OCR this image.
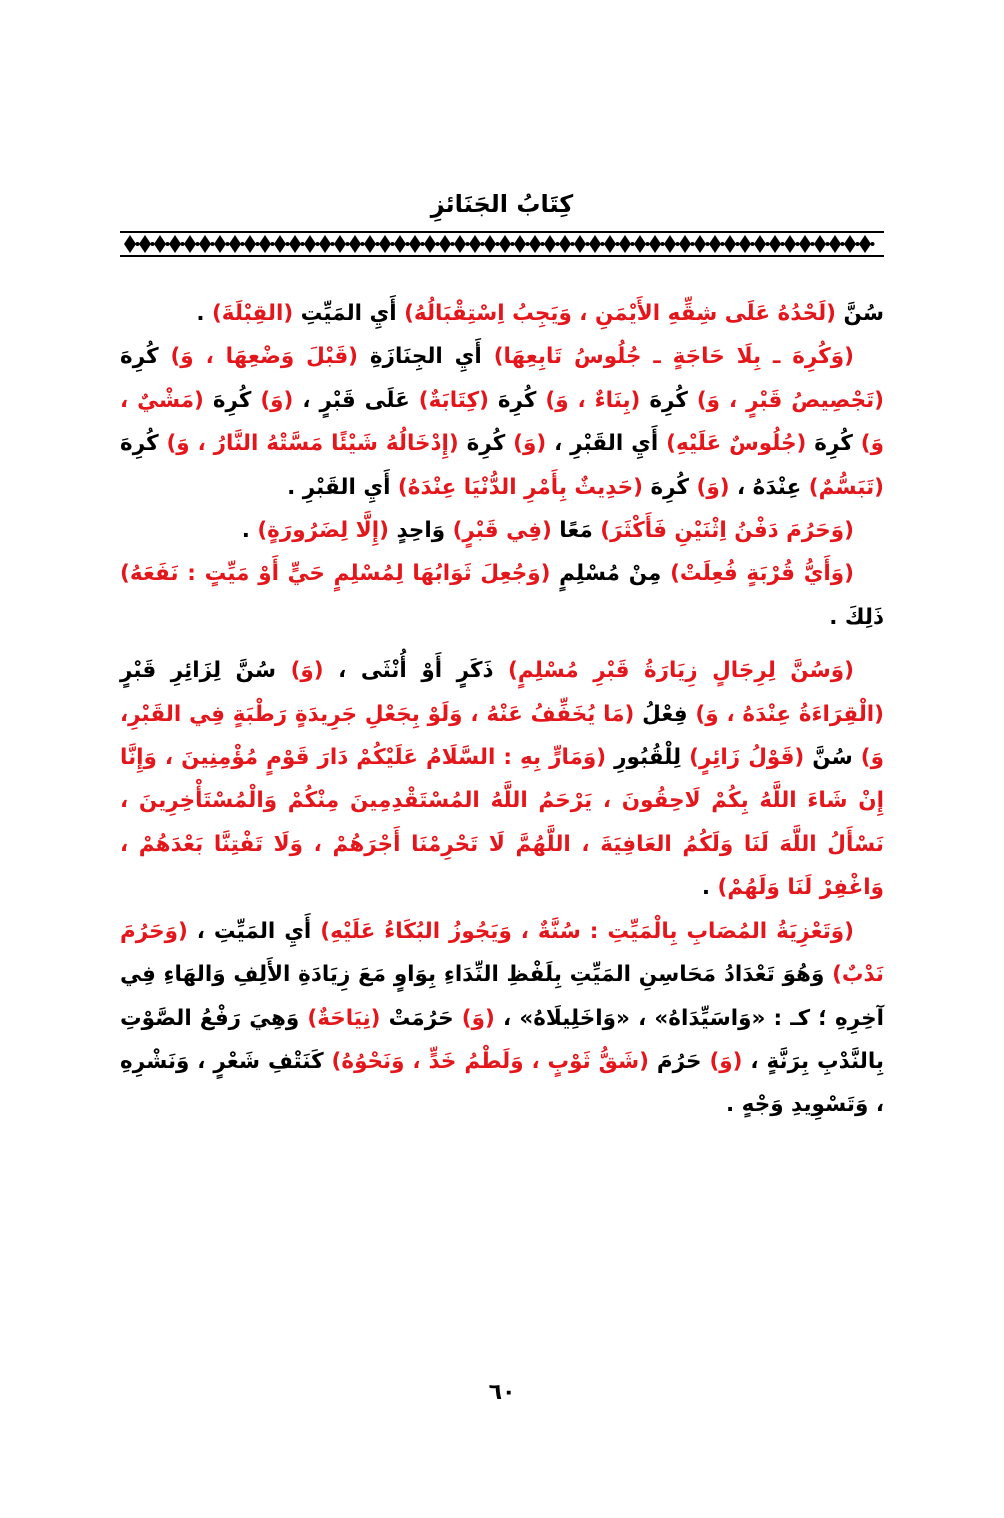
كِتَابُ الجَنَائزِ

سُنَّ (لَحْدُهُ عَلَى شِقِّهِ الأَيْمَنِ ، وَيَجِبُ اِسْتِقْبَالُهُ) أَيِ المَيِّتِ (القِبْلَةَ) .

(وَكُرِهَ ـ بِلَا حَاجَةٍ ـ جُلُوسُ تَابِعِهَا) أَيِ الجِنَازَةِ (قَبْلَ وَضْعِهَا ، وَ) كُرِهَ (تَجْصِيصُ قَبْرٍ ، وَ) كُرِهَ (بِنَاءٌ ، وَ) كُرِهَ (كِتَابَةٌ) عَلَى قَبْرٍ ، (وَ) كُرِهَ (مَشْيٌ ، وَ) كُرِهَ (جُلُوسٌ عَلَيْهِ) أَيِ القَبْرِ ، (وَ) كُرِهَ (إِدْخَالُهُ شَيْئًا مَسَّتْهُ النَّارُ ، وَ) كُرِهَ (تَبَسُّمٌ) عِنْدَهُ ، (وَ) كُرِهَ (حَدِيثٌ بِأَمْرِ الدُّنْيَا عِنْدَهُ) أَيِ القَبْرِ .

(وَحَرُمَ دَفْنُ اِثْنَيْنِ فَأَكْثَرَ) مَعًا (فِي قَبْرٍ) وَاحِدٍ (إِلَّا لِضَرُورَةٍ) .

(وَأَيُّ قُرْبَةٍ فُعِلَتْ) مِنْ مُسْلِمٍ (وَجُعِلَ ثَوَابُهَا لِمُسْلِمٍ حَيٍّ أَوْ مَيِّتٍ : نَفَعَهُ) ذَلِكَ .

(وَسُنَّ لِرِجَالٍ زِيَارَةُ قَبْرِ مُسْلِمٍ) ذَكَرٍ أَوْ أُنْثَى ، (وَ) سُنَّ لِزَائِرِ قَبْرٍ (الْقِرَاءَةُ عِنْدَهُ ، وَ) فِعْلُ (مَا يُخَفِّفُ عَنْهُ ، وَلَوْ بِجَعْلِ جَرِيدَةٍ رَطْبَةٍ فِي القَبْرِ، وَ) سُنَّ (قَوْلُ زَائِرٍ) لِلْقُبُورِ (وَمَارٍّ بِهِ : السَّلَامُ عَلَيْكُمْ دَارَ قَوْمٍ مُؤْمِنِينَ ، وَإِنَّا إِنْ شَاءَ اللَّهُ بِكُمْ لَاحِقُونَ ، يَرْحَمُ اللَّهُ المُسْتَقْدِمِينَ مِنْكُمْ وَالْمُسْتَأْخِرِينَ ، نَسْأَلُ اللَّهَ لَنَا وَلَكُمُ العَافِيَةَ ، اللَّهُمَّ لَا تَحْرِمْنَا أَجْرَهُمْ ، وَلَا تَفْتِنَّا بَعْدَهُمْ ، وَاغْفِرْ لَنَا وَلَهُمْ) .

(وَتَعْزِيَةُ المُصَابِ بِالْمَيِّتِ : سُنَّةٌ ، وَيَجُوزُ البُكَاءُ عَلَيْهِ) أَيِ المَيِّتِ ، (وَحَرُمَ نَدْبٌ) وَهُوَ تَعْدَادُ مَحَاسِنِ المَيِّتِ بِلَفْظِ النِّدَاءِ بِوَاوٍ مَعَ زِيَادَةِ الأَلِفِ وَالهَاءِ فِي آخِرِهِ ؛ كـ : «وَاسَيِّدَاهُ» ، «وَاخَلِيلَاهُ» ، (وَ) حَرُمَتْ (نِيَاحَةٌ) وَهِيَ رَفْعُ الصَّوْتِ بِالنَّدْبِ بِرَنَّةٍ ، (وَ) حَرُمَ (شَقُّ ثَوْبٍ ، وَلَطْمُ خَدٍّ ، وَنَحْوُهُ) كَنَتْفِ شَعْرٍ ، وَنَشْرِهِ ، وَتَسْوِيدِ وَجْهٍ .

٦٠
